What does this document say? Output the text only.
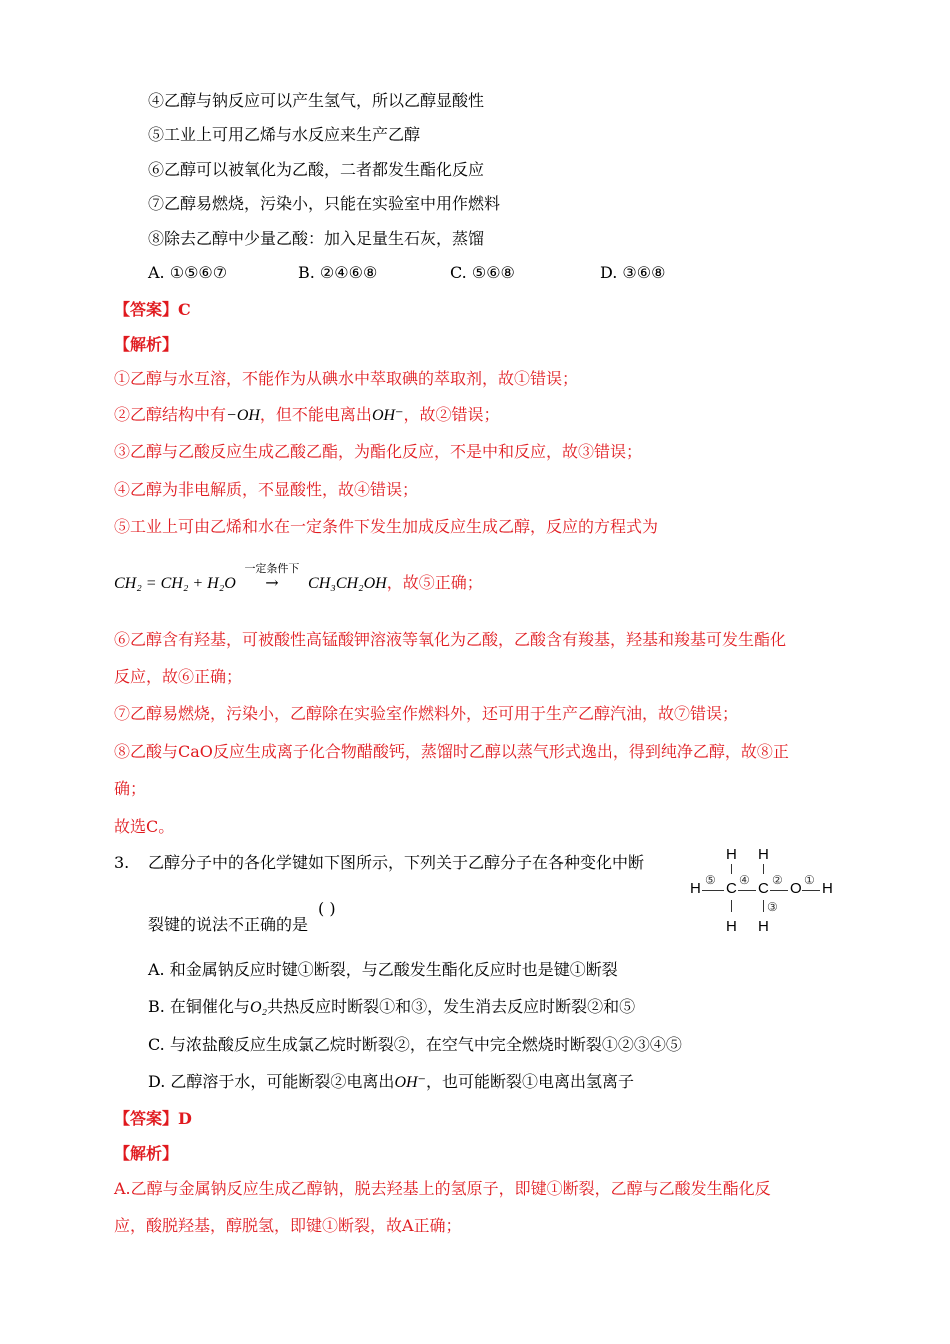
④乙醇与钠反应可以产生氢气，所以乙醇显酸性
⑤工业上可用乙烯与水反应来生产乙醇
⑥乙醇可以被氧化为乙酸，二者都发生酯化反应
⑦乙醇易燃烧，污染小，只能在实验室中用作燃料
⑧除去乙醇中少量乙酸：加入足量生石灰，蒸馏
A. ①⑤⑥⑦	B. ②④⑥⑧	C. ⑤⑥⑧	D. ③⑥⑧
【答案】C
【解析】
①乙醇与水互溶，不能作为从碘水中萃取碘的萃取剂，故①错误；
②乙醇结构中有−OH，但不能电离出OH⁻，故②错误；
③乙醇与乙酸反应生成乙酸乙酯，为酯化反应，不是中和反应，故③错误；
④乙醇为非电解质，不显酸性，故④错误；
⑤工业上可由乙烯和水在一定条件下发生加成反应生成乙醇，反应的方程式为
CH₂ = CH₂ + H₂O
一定条件下
→ CH₃CH₂OH，故⑤正确；
⑥乙醇含有羟基，可被酸性高锰酸钾溶液等氧化为乙酸，乙酸含有羧基，羟基和羧基可发生酯化
反应，故⑥正确；
⑦乙醇易燃烧，污染小，乙醇除在实验室作燃料外，还可用于生产乙醇汽油，故⑦错误；
⑧乙酸与CaO反应生成离子化合物醋酸钙，蒸馏时乙醇以蒸气形式逸出，得到纯净乙醇，故⑧正
确；
故选C。
3. 乙醇分子中的各化学键如下图所示，下列关于乙醇分子在各种变化中断
裂键的说法不正确的是
( )
H H
H ⑤ C ④ C ② O ① H
③
H H
A. 和金属钠反应时键①断裂，与乙酸发生酯化反应时也是键①断裂
B. 在铜催化与O₂共热反应时断裂①和③，发生消去反应时断裂②和⑤
C. 与浓盐酸反应生成氯乙烷时断裂②，在空气中完全燃烧时断裂①②③④⑤
D. 乙醇溶于水，可能断裂②电离出OH⁻，也可能断裂①电离出氢离子
【答案】D
【解析】
A.乙醇与金属钠反应生成乙醇钠，脱去羟基上的氢原子，即键①断裂，乙醇与乙酸发生酯化反
应，酸脱羟基，醇脱氢，即键①断裂，故A正确；
